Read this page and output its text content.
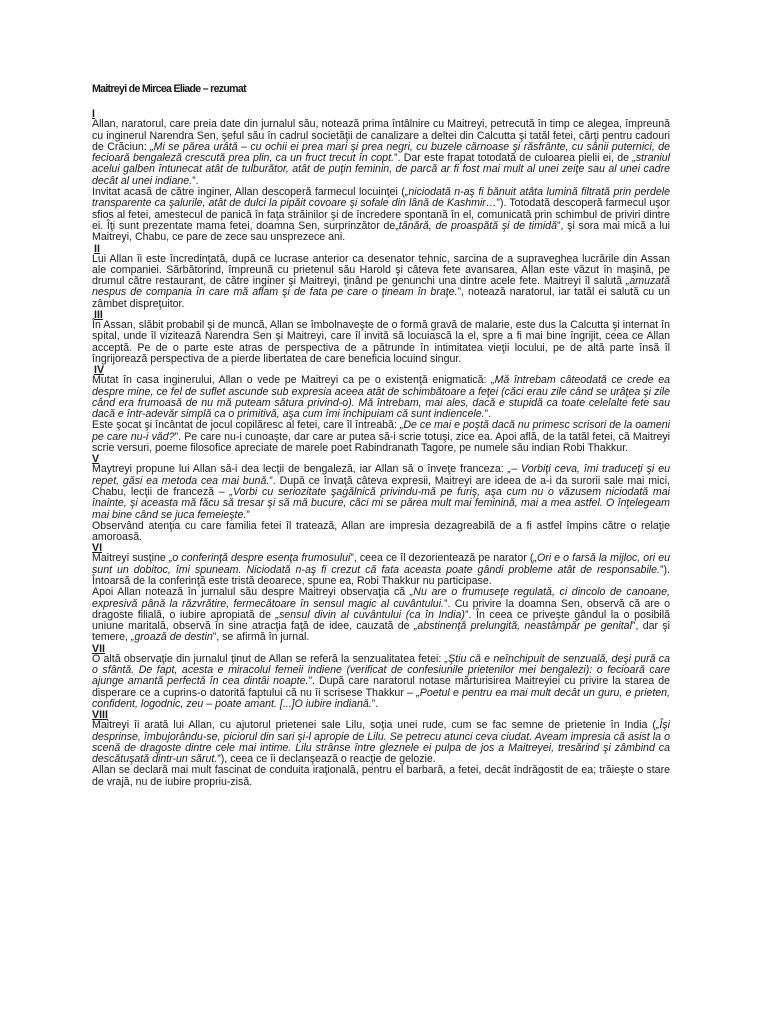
Maitreyi de Mircea Eliade – rezumat
I

Allan, naratorul, care preia date din jurnalul său, notează prima întâlnire cu Maitreyi, petrecută în timp ce alegea, împreună cu inginerul Narendra Sen, şeful său în cadrul societăţii de canalizare a deltei din Calcutta şi tatăl fetei, cărţi pentru cadouri de Crăciun: „Mi se părea urâtă – cu ochii ei prea mari şi prea negri, cu buzele cărnoase şi răsfrânte, cu sânii puternici, de fecioară bengaleză crescută prea plin, ca un fruct trecut în copt.”. Dar este frapat totodată de culoarea pielii ei, de „straniul acelui galben întunecat atât de tulburător, atât de puţin feminin, de parcă ar fi fost mai mult al unei zeiţe sau al unei cadre decât al unei indiane.”.

Invitat acasă de către inginer, Allan descoperă farmecul locuinţei („niciodată n-aş fi bănuit atâta lumină filtrată prin perdele transparente ca şalurile, atât de dulci la pipăit covoare şi sofale din lână de Kashmir…”). Totodată descoperă farmecul uşor sfios al fetei, amestecul de panică în faţa străinilor şi de încredere spontană în el, comunicată prin schimbul de priviri dintre ei. Îţi sunt prezentate mama fetei, doamna Sen, surprinzător de„tânără, de proaspătă şi de timidă”, şi sora mai mică a lui Maitreyi, Chabu, ce pare de zece sau unsprezece ani.

II

Lui Allan îi este încredinţată, după ce lucrase anterior ca desenator tehnic, sarcina de a supraveghea lucrările din Assan ale companiei. Sărbătorind, împreună cu prietenul său Harold şi câteva fete avansarea, Allan este văzut în maşină, pe drumul către restaurant, de către inginer şi Maitreyi, ţinând pe genunchi una dintre acele fete. Maitreyi îl salută „amuzată nespus de compania în care mă aflam şi de fata pe care o ţineam în braţe.”, notează naratorul, iar tatăl ei salută cu un zâmbet dispreţuitor.

III

În Assan, slăbit probabil şi de muncă, Allan se îmbolnaveşte de o formă gravă de malarie, este dus la Calcutta şi internat în spital, unde îl vizitează Narendra Sen şi Maitreyi, care îl invită să locuiască la el, spre a fi mai bine îngrijit, ceea ce Allan acceptă. Pe de o parte este atras de perspectiva de a pătrunde în intimitatea vieţii locului, pe de altă parte însă îl îngrijorează perspectiva de a pierde libertatea de care beneficia locuind singur.

IV

Mutat în casa inginerului, Allan o vede pe Maitreyi ca pe o existenţă enigmatică: „Mă întrebam câteodată ce crede ea despre mine, ce fel de suflet ascunde sub expresia aceea atât de schimbătoare a feţei (căci erau zile când se urâţea şi zile când era frumoasă de nu mă puteam sătura privind-o). Mă întrebam, mai ales, dacă e stupidă ca toate celelalte fete sau dacă e într-adevăr simplă ca o primitivă, aşa cum îmi închipuiam că sunt indiencele.”.

Este şocat şi încântat de jocul copilăresc al fetei, care îl întreabă: „De ce mai e poştă dacă nu primesc scrisori de la oameni pe care nu-i văd?”. Pe care nu-i cunoaşte, dar care ar putea să-i scrie totuşi, zice ea. Apoi află, de la tatăl fetei, că Maitreyi scrie versuri, poeme filosofice apreciate de marele poet Rabindranath Tagore, pe numele său indian Robi Thakkur.

V

Maytreyi propune lui Allan să-i dea lecţii de bengaleză, iar Allan să o înveţe franceza: „– Vorbiţi ceva, îmi traduceţi şi eu repet, găsi ea metoda cea mai bună.”. După ce învaţă câteva expresii, Maitreyi are ideea de a-i da surorii sale mai mici, Chabu, lecţii de franceză – „Vorbi cu seriozitate şagălnică privindu-mă pe furiş, aşa cum nu o văzusem niciodată mai înainte, şi aceasta mă făcu să tresar şi să mă bucure, căci mi se părea mult mai feminină, mai a mea astfel. O înţelegeam mai bine când se juca femeieşte.”

Observând atenţia cu care familia fetei îl tratează, Allan are impresia dezagreabilă de a fi astfel împins către o relaţie amoroasă.

VI

Maitreyi susţine „o conferinţă despre esenţa frumosului”, ceea ce îl dezorientează pe narator („Ori e o farsă la mijloc, ori eu sunt un dobitoc, îmi spuneam. Niciodată n-aş fi crezut că fata aceasta poate gândi probleme atât de responsabile.”). Întoarsă de la conferinţă este tristă deoarece, spune ea, Robi Thakkur nu participase.

Apoi Allan notează în jurnalul său despre Maitreyi observaţia că „Nu are o frumuseţe regulată, ci dincolo de canoane, expresivă până la răzvrătire, fermecătoare în sensul magic al cuvântului.”. Cu privire la doamna Sen, observă că are o dragoste filială, o iubire apropiată de „sensul divin al cuvântului (ca în India)”. În ceea ce priveşte gândul la o posibilă uniune maritală, observă în sine atracţia faţă de idee, cauzată de „abstinenţă prelungită, neastâmpăr pe genital”, dar şi temere, „groază de destin”, se afirmă în jurnal.

VII

O altă observaţie din jurnalul ţinut de Allan se referă la senzualitatea fetei: „Ştiu că e neînchipuit de senzuală, deşi pură ca o sfântă. De fapt, acesta e miracolul femeii indiene (verificat de confesiunile prietenilor mei bengalezi): o fecioară care ajunge amantă perfectă în cea dintâi noapte.”. După care naratorul notase mărturisirea Maitreyiei cu privire la starea de disperare ce a cuprins-o datorită faptului că nu îi scrisese Thakkur – „Poetul e pentru ea mai mult decât un guru, e prieten, confident, logodnic, zeu – poate amant. [...]O iubire indiană.”.

VIII

Maitreyi îi arată lui Allan, cu ajutorul prietenei sale Lilu, soţia unei rude, cum se fac semne de prietenie în India („Îşi desprinse, îmbujorându-se, piciorul din sari şi-l apropie de Lilu. Se petrecu atunci ceva ciudat. Aveam impresia că asist la o scenă de dragoste dintre cele mai intime. Lilu strânse între gleznele ei pulpa de jos a Maitreyei, tresărind şi zâmbind ca descătuşată dintr-un sărut.”), ceea ce îi declanşează o reacţie de gelozie.

Allan se declară mai mult fascinat de conduita iraţională, pentru el barbară, a fetei, decât îndrăgostit de ea; trăieşte o stare de vrajă, nu de iubire propriu-zisă.
